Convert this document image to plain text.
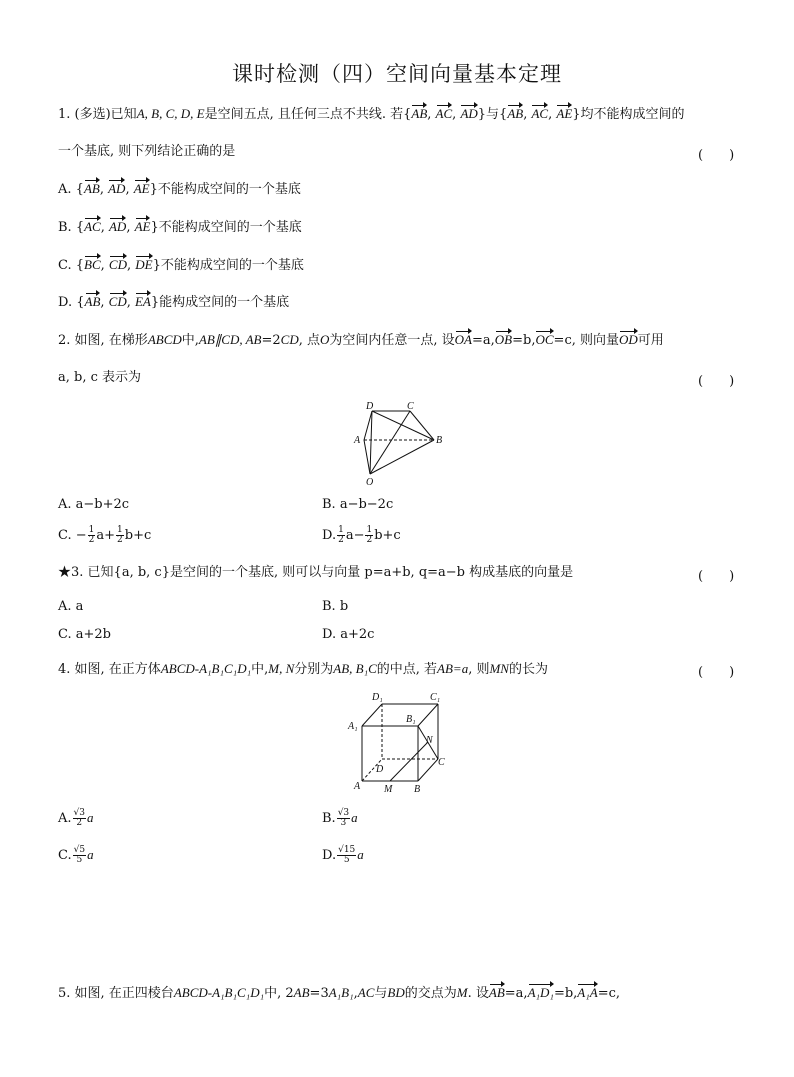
课时检测（四）空间向量基本定理
1. (多选)已知A, B, C, D, E是空间五点, 且任何三点不共线. 若{AB, AC, AD}与{AB, AC, AE}均不能构成空间的
一个基底, 则下列结论正确的是	(　　)
A. {AB, AD, AE}不能构成空间的一个基底
B. {AC, AD, AE}不能构成空间的一个基底
C. {BC, CD, DE}不能构成空间的一个基底
D. {AB, CD, EA}能构成空间的一个基底
2. 如图, 在梯形ABCD中,AB∥CD, AB=2CD, 点O为空间内任意一点, 设OA=a,OB=b,OC=c, 则向量OD可用
a, b, c 表示为	(　　)
D	C
A	B
O
A. a−b+2c	B. a−b−2c
C. − $\frac{1}{2} a+ \frac{1}{2} b+c$	D. $\frac{1}{2} a- \frac{1}{2} b+c$
★3. 已知{a, b, c}是空间的一个基底, 则可以与向量 p=a+b, q=a−b 构成基底的向量是	(　　)
A. a	B. b
C. a+2b	D. a+2c
4. 如图, 在正方体ABCD-A₁B₁C₁D₁中,M, N分别为AB, B₁C的中点, 若AB=a, 则MN的长为	(　　)
D₁	C₁
A₁
B₁
N
D
C
A M B
A. $\frac{√3}{2}$ a	B. $\frac{√3}{3}$ a
C. $\frac{√5}{5}$ a	D. $\frac{√15}{5}$ a
5. 如图, 在正四棱台ABCD-A₁B₁C₁D₁中, 2AB=3A₁B₁,AC与BD的交点为M. 设AB=a,A₁D₁=b,A₁A=c,
